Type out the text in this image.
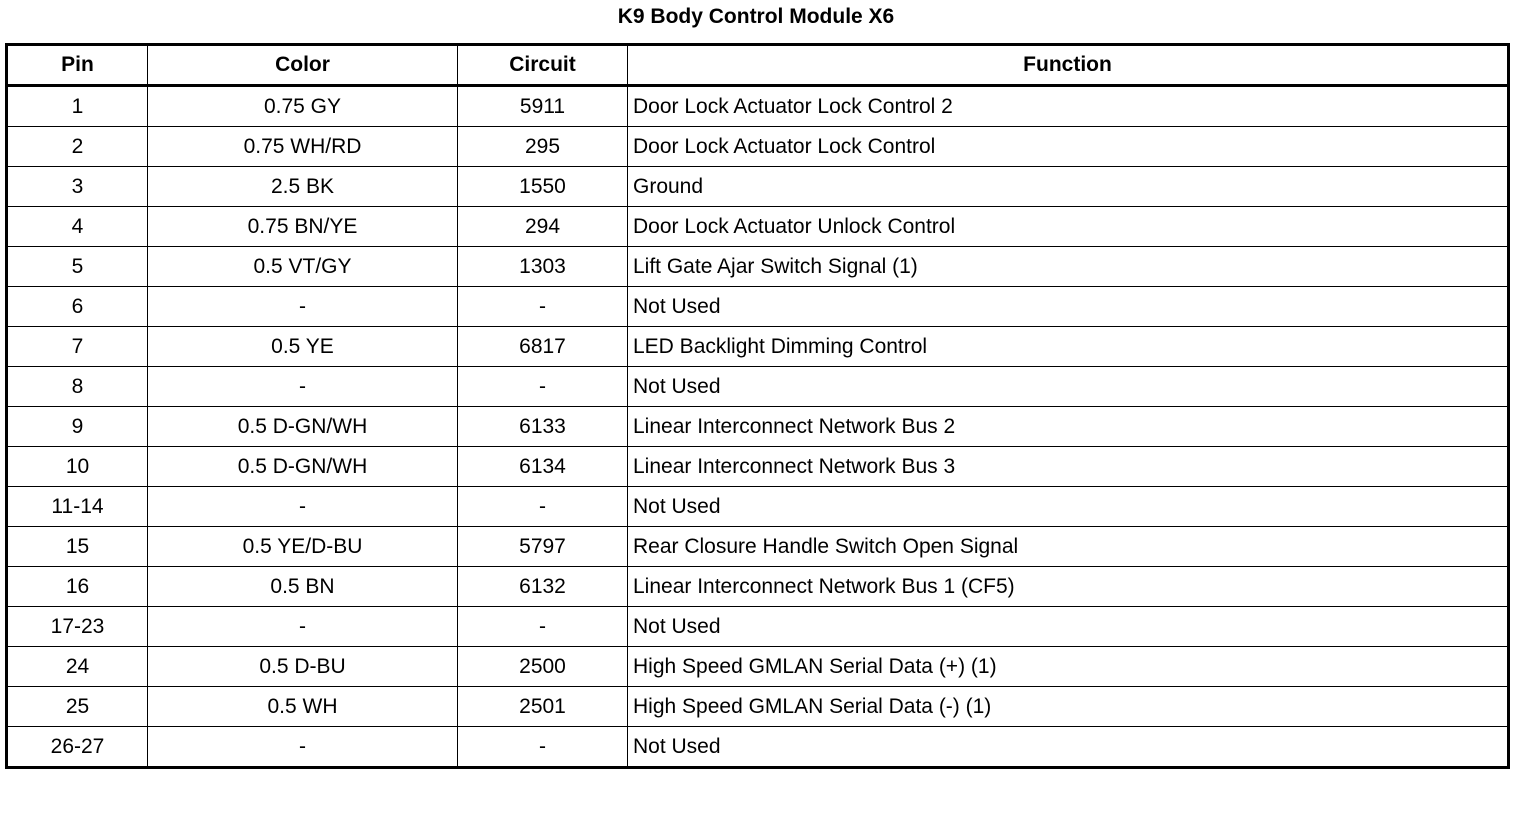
K9 Body Control Module X6
Pin	Color	Circuit	Function
1	0.75 GY	5911	Door Lock Actuator Lock Control 2
2	0.75 WH/RD	295	Door Lock Actuator Lock Control
3	2.5 BK	1550	Ground
4	0.75 BN/YE	294	Door Lock Actuator Unlock Control
5	0.5 VT/GY	1303	Lift Gate Ajar Switch Signal (1)
6	-	-	Not Used
7	0.5 YE	6817	LED Backlight Dimming Control
8	-	-	Not Used
9	0.5 D-GN/WH	6133	Linear Interconnect Network Bus 2
10	0.5 D-GN/WH	6134	Linear Interconnect Network Bus 3
11-14	-	-	Not Used
15	0.5 YE/D-BU	5797	Rear Closure Handle Switch Open Signal
16	0.5 BN	6132	Linear Interconnect Network Bus 1 (CF5)
17-23	-	-	Not Used
24	0.5 D-BU	2500	High Speed GMLAN Serial Data (+) (1)
25	0.5 WH	2501	High Speed GMLAN Serial Data (-) (1)
26-27	-	-	Not Used
